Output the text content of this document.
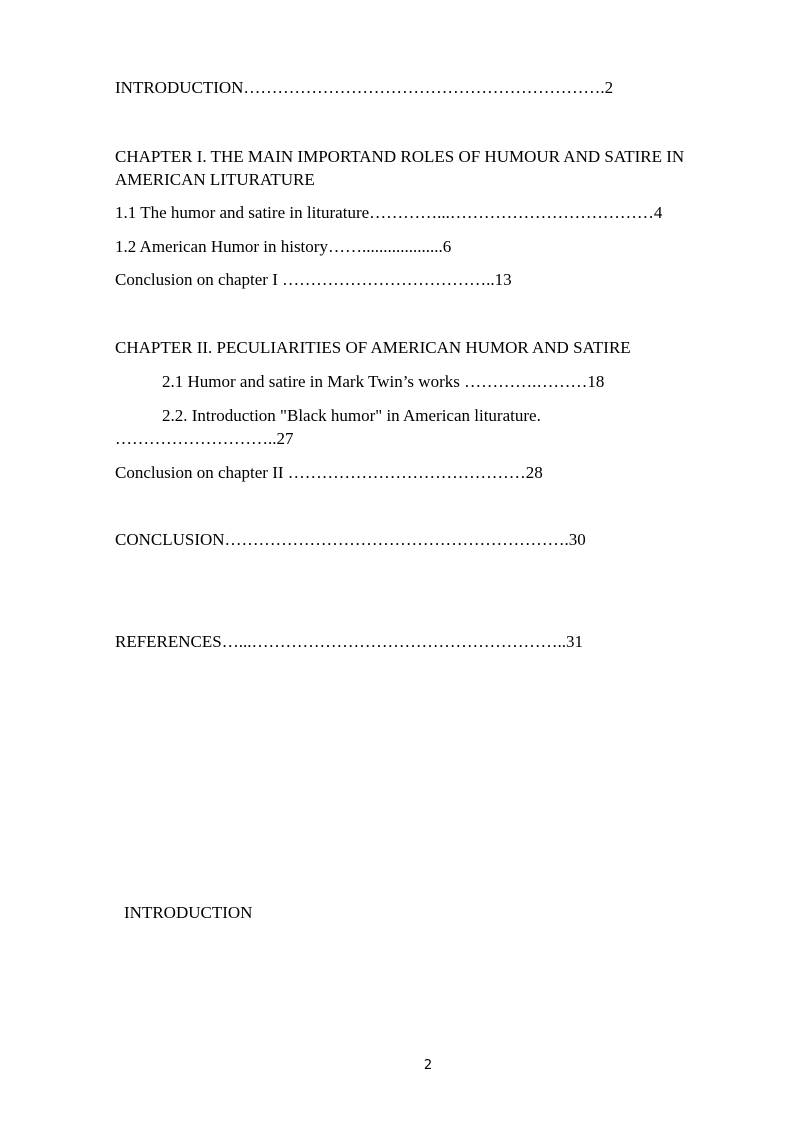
INTRODUCTION……………………………………………………….2
CHAPTER I. THE MAIN IMPORTAND ROLES OF HUMOUR AND SATIRE IN AMERICAN LITURATURE
1.1 The humor and satire in liturature…………...………………………………4
1.2 American Humor in history……...................6
Conclusion on chapter I ………………………………..13
CHAPTER II. PECULIARITIES OF AMERICAN HUMOR AND SATIRE
2.1 Humor and satire in Mark Twin’s works ………….………18
2.2. Introduction "Black humor" in American liturature.
………………………..27
Conclusion on chapter II ……………………………………28
CONCLUSION…………………………………………………….30
REFERENCES…...………………………………………………..31
INTRODUCTION
2
